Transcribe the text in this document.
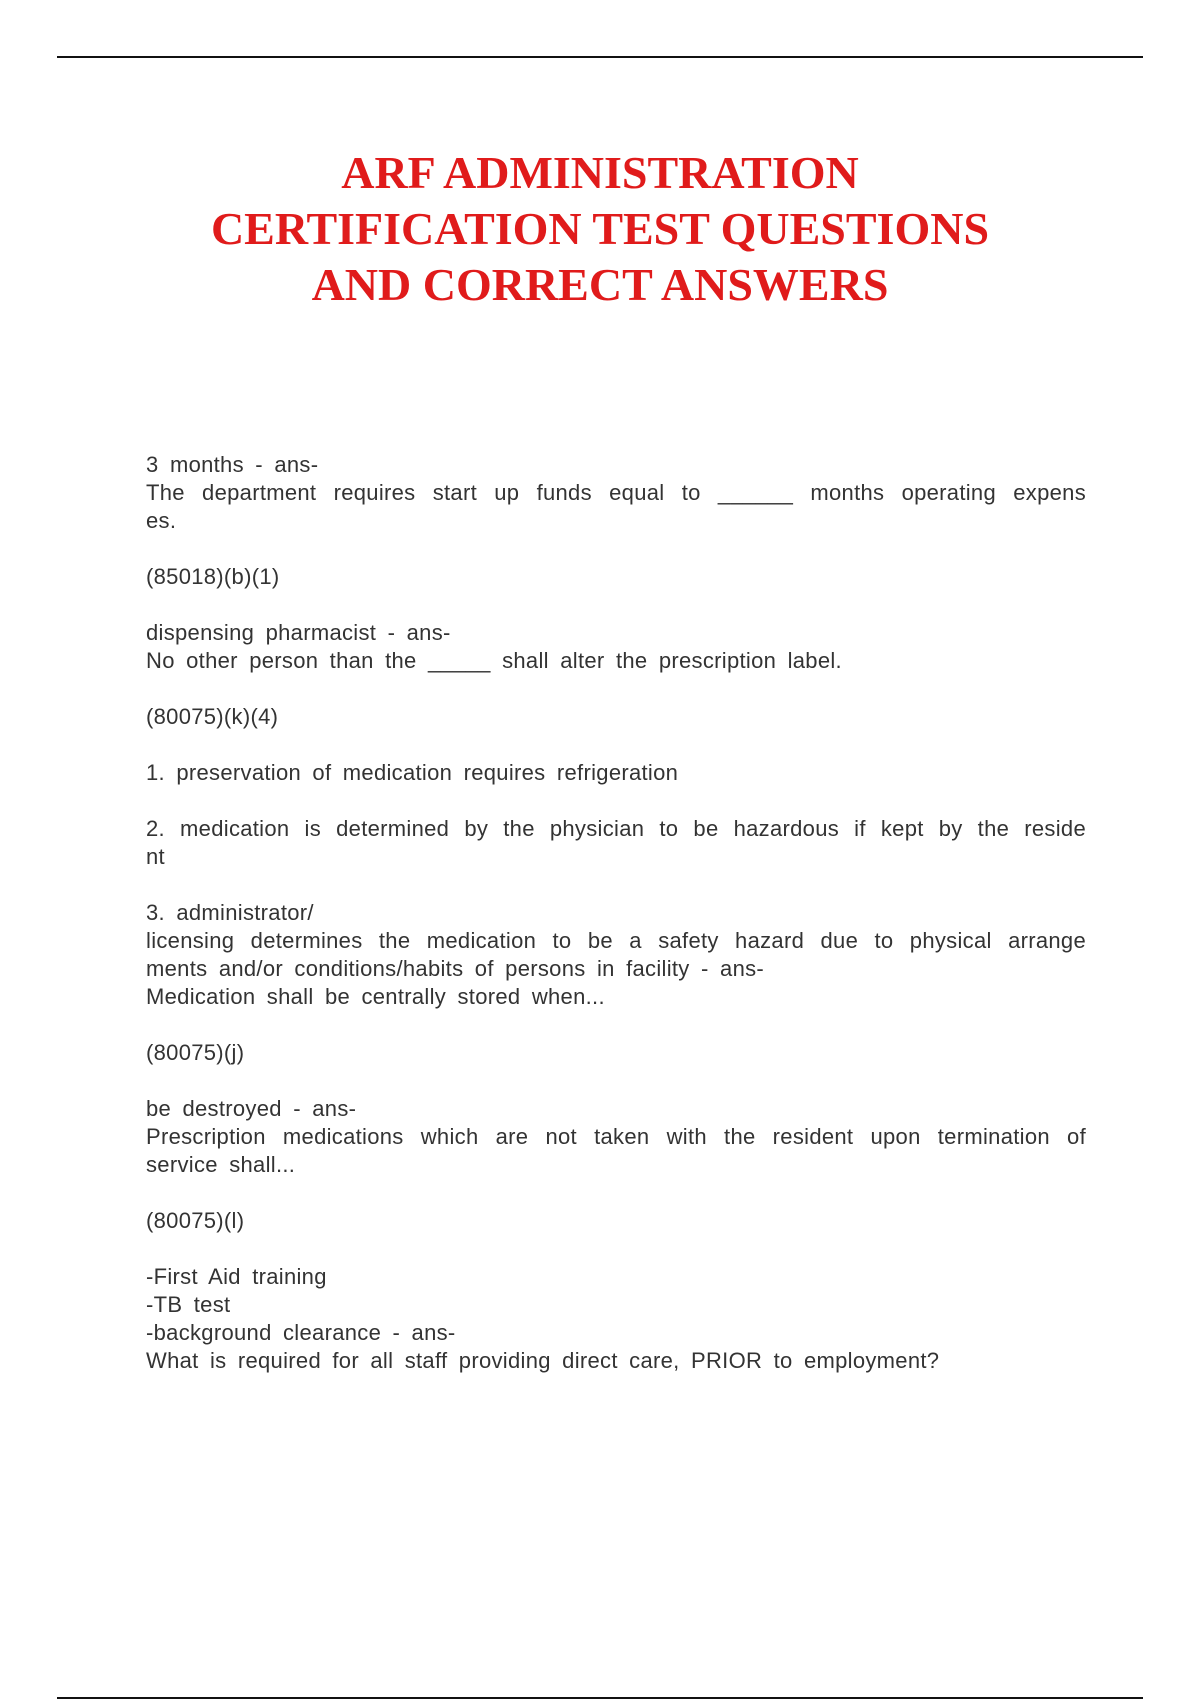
ARF ADMINISTRATION
CERTIFICATION TEST QUESTIONS
AND CORRECT ANSWERS
3 months - ans-
The department requires start up funds equal to ______ months operating expens
es.
(85018)(b)(1)
dispensing pharmacist - ans-
No other person than the _____ shall alter the prescription label.
(80075)(k)(4)
1. preservation of medication requires refrigeration
2. medication is determined by the physician to be hazardous if kept by the reside
nt
3. administrator/
licensing determines the medication to be a safety hazard due to physical arrange
ments and/or conditions/habits of persons in facility - ans-
Medication shall be centrally stored when...
(80075)(j)
be destroyed - ans-
Prescription medications which are not taken with the resident upon termination of
service shall...
(80075)(l)
-First Aid training
-TB test
-background clearance - ans-
What is required for all staff providing direct care, PRIOR to employment?
